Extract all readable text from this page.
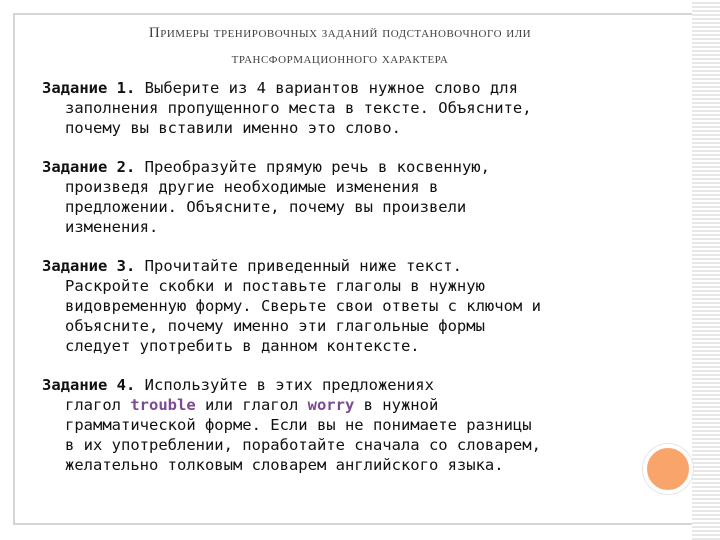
Примеры тренировочных заданий подстановочного или
трансформационного характера
Задание 1. Выберите из 4 вариантов нужное слово для
заполнения пропущенного места в тексте. Объясните,
почему вы вставили именно это слово.
Задание 2. Преобразуйте прямую речь в косвенную,
произведя другие необходимые изменения в
предложении. Объясните, почему вы произвели
изменения.
Задание 3. Прочитайте приведенный ниже текст.
Раскройте скобки и поставьте глаголы в нужную
видовременную форму. Сверьте свои ответы с ключом и
объясните, почему именно эти глагольные формы
следует употребить в данном контексте.
Задание 4. Используйте в этих предложениях
глагол trouble или глагол worry в нужной
грамматической форме. Если вы не понимаете разницы
в их употреблении, поработайте сначала со словарем,
желательно толковым словарем английского языка.
